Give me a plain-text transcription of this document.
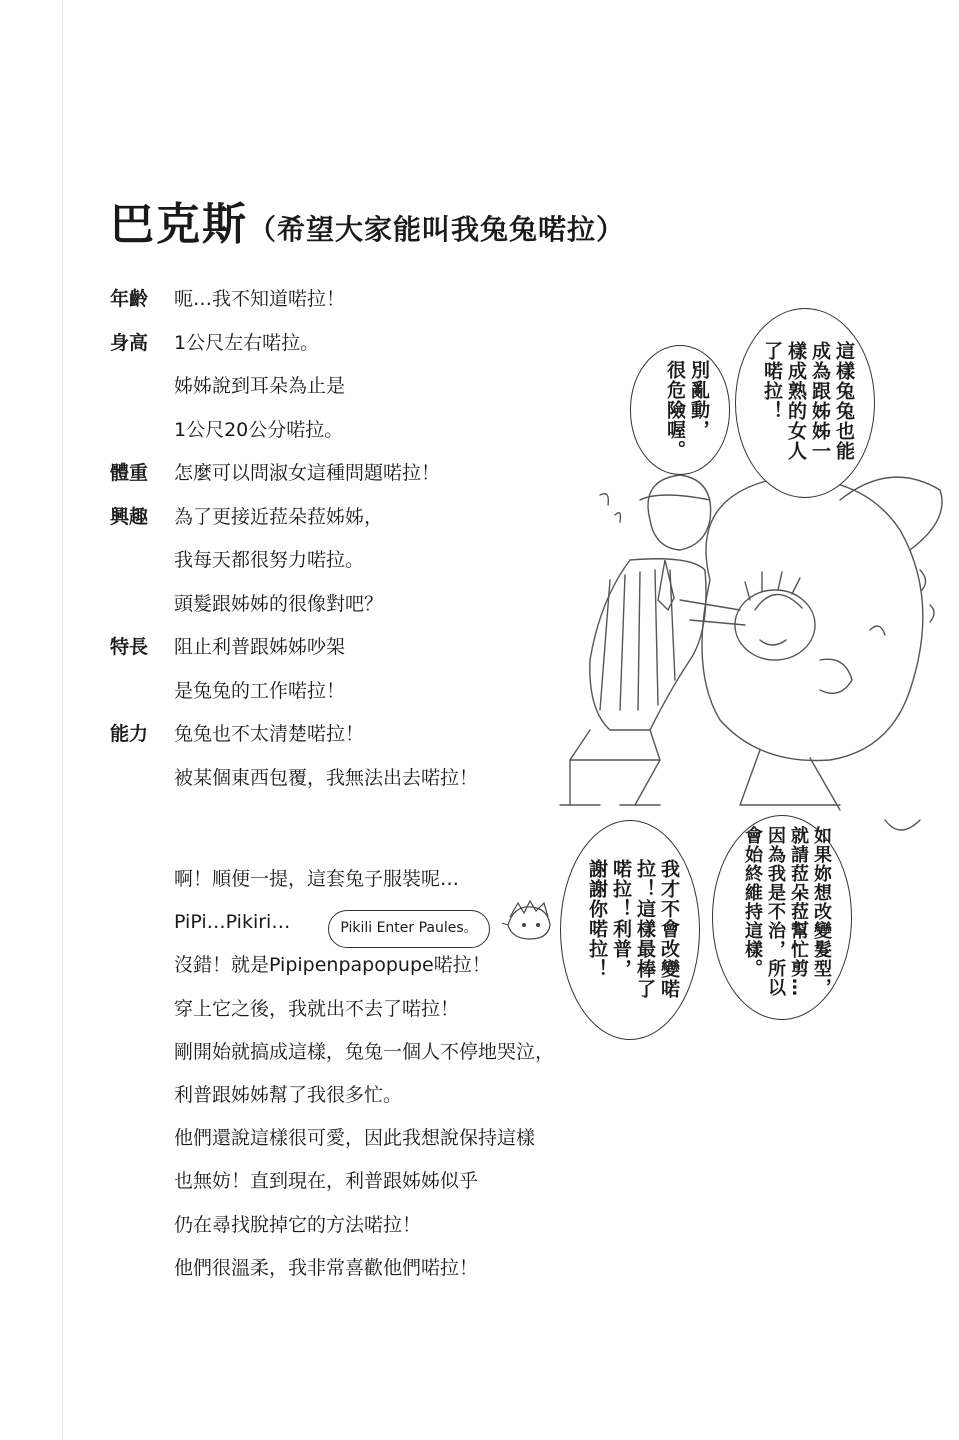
巴克斯（希望大家能叫我兔兔喏拉）
年齡 呃…我不知道喏拉！
身高 1公尺左右喏拉。
姊姊說到耳朵為止是
1公尺20公分喏拉。
體重 怎麼可以問淑女這種問題喏拉！
興趣 為了更接近菈朵菈姊姊，
我每天都很努力喏拉。
頭髮跟姊姊的很像對吧？
特長 阻止利普跟姊姊吵架
是兔兔的工作喏拉！
能力 兔兔也不太清楚喏拉！
被某個東西包覆，我無法出去喏拉！
啊！順便一提，這套兔子服裝呢…
PiPi…Pikiri…
沒錯！就是Pipipenpapopupe喏拉！
穿上它之後，我就出不去了喏拉！
剛開始就搞成這樣，兔兔一個人不停地哭泣，
利普跟姊姊幫了我很多忙。
他們還說這樣很可愛，因此我想說保持這樣
也無妨！直到現在，利普跟姊姊似乎
仍在尋找脫掉它的方法喏拉！
他們很溫柔，我非常喜歡他們喏拉！
Pikili Enter Paules。
別亂動，
很危險喔。	這樣兔兔也能
成為跟姊姊一
樣成熟的女人
了喏拉！
我才不會改變喏
拉！這樣最棒了
喏拉！利普，
謝謝你喏拉！	如果妳想改變髮型，
就請菈朵菈幫忙剪…
因為我是不治，所以
會始終維持這樣。
